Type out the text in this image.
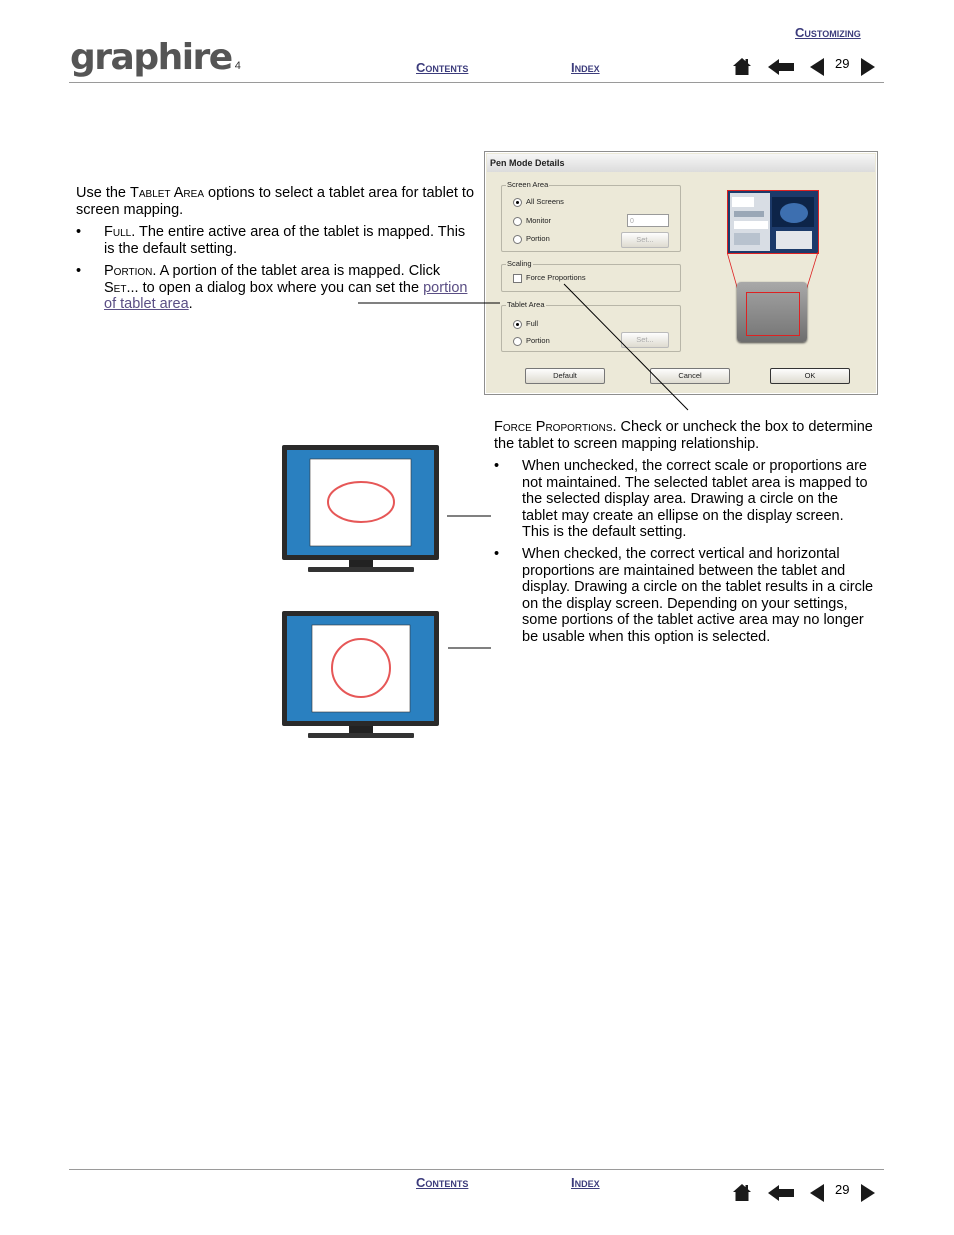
Customizing
graphire 4	Contents	Index	29
Use the Tablet Area options to select a tablet area for tablet to screen mapping.
• Full. The entire active area of the tablet is mapped. This is the default setting.
• Portion. A portion of the tablet area is mapped. Click Set... to open a dialog box where you can set the portion of tablet area.
Pen Mode Details
Screen Area
All Screens
Monitor	0
Portion	Set...
Scaling
Force Proportions
Tablet Area
Full
Portion	Set...
Default	Cancel	OK
Force Proportions. Check or uncheck the box to determine the tablet to screen mapping relationship.
• When unchecked, the correct scale or proportions are not maintained. The selected tablet area is mapped to the selected display area. Drawing a circle on the tablet may create an ellipse on the display screen. This is the default setting.
• When checked, the correct vertical and horizontal proportions are maintained between the tablet and display. Drawing a circle on the tablet results in a circle on the display screen. Depending on your settings, some portions of the tablet active area may no longer be usable when this option is selected.
Contents	Index	29
